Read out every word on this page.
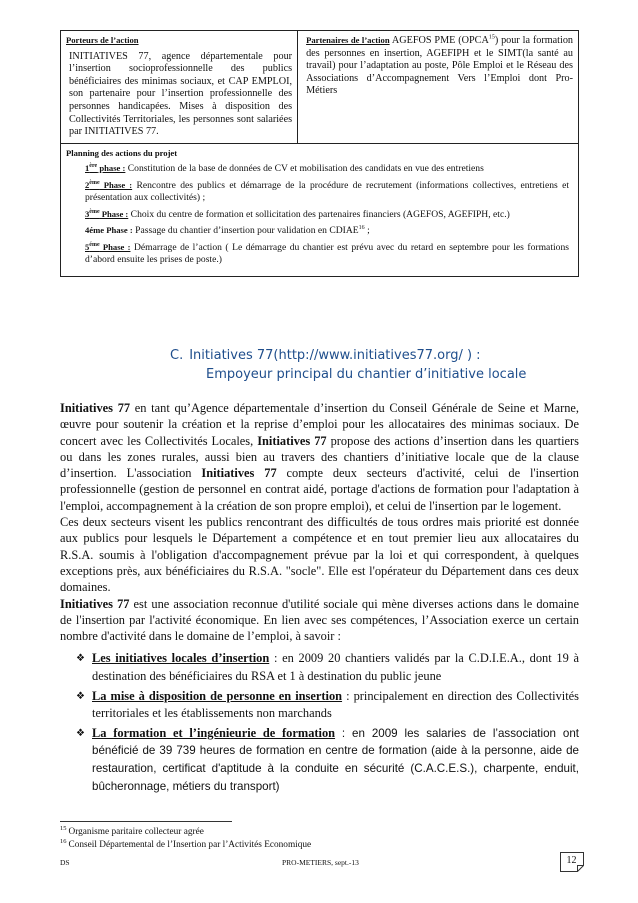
Porteurs de l’action
INITIATIVES 77, agence départementale pour l’insertion socioprofessionnelle des publics bénéficiaires des minimas sociaux, et CAP EMPLOI, son partenaire pour l’insertion professionnelle des personnes handicapées. Mises à disposition des Collectivités Territoriales, les personnes sont salariées par INITIATIVES 77.
Partenaires de l’action AGEFOS PME (OPCA$^{15}$) pour la formation des personnes en insertion, AGEFIPH et le SIMT(la santé au travail) pour l’adaptation au poste, Pôle Emploi et le Réseau des Associations d’Accompagnement Vers l’Emploi dont Pro-Métiers
Planning des actions du projet
1ère phase : Constitution de la base de données de CV et mobilisation des candidats en vue des entretiens
2ème Phase : Rencontre des publics et démarrage de la procédure de recrutement (informations collectives, entretiens et présentation aux collectivités) ;
3ème Phase : Choix du centre de formation et sollicitation des partenaires financiers (AGEFOS, AGEFIPH, etc.)
4éme Phase : Passage du chantier d’insertion pour validation en CDIAE$^{16}$ ;
$5^{éme}$ Phase : Démarrage de l’action ( Le démarrage du chantier est prévu avec du retard en septembre pour les formations d’abord ensuite les prises de poste.)
C. Initiatives 77(http://www.initiatives77.org/ ) :
Empoyeur principal du chantier d’initiative locale

Initiatives 77 en tant qu’Agence départementale d’insertion du Conseil Générale de Seine et Marne, œuvre pour soutenir la création et la reprise d’emploi pour les allocataires des minimas sociaux. De concert avec les Collectivités Locales, Initiatives 77 propose des actions d’insertion dans les quartiers ou dans les zones rurales, aussi bien au travers des chantiers d’initiative locale que de la clause d’insertion. L'association Initiatives 77 compte deux secteurs d'activité, celui de l'insertion professionnelle (gestion de personnel en contrat aidé, portage d'actions de formation pour l'adaptation à l'emploi, accompagnement à la création de son propre emploi), et celui de l'insertion par le logement.

Ces deux secteurs visent les publics rencontrant des difficultés de tous ordres mais priorité est donnée aux publics pour lesquels le Département a compétence et en tout premier lieu aux allocataires du R.S.A. soumis à l'obligation d'accompagnement prévue par la loi et qui correspondent, à quelques exceptions près, aux bénéficiaires du R.S.A. "socle". Elle est l'opérateur du Département dans ces deux domaines.

Initiatives 77 est une association reconnue d'utilité sociale qui mène diverses actions dans le domaine de l'insertion par l'activité économique. En lien avec ses compétences, l’Association exerce un certain nombre d'activité dans le domaine de l’emploi, à savoir :

❖ Les initiatives locales d’insertion : en 2009 20 chantiers validés par la C.D.I.E.A., dont 19 à destination des bénéficiaires du RSA et 1 à destination du public jeune
❖ La mise à disposition de personne en insertion : principalement en direction des Collectivités territoriales et les établissements non marchands
❖ La formation et l’ingénieurie de formation : en 2009 les salaries de l’association ont bénéficié de 39 739 heures de formation en centre de formation (aide à la personne, aide de restauration, certificat d'aptitude à la conduite en sécurité (C.A.C.E.S.), charpente, enduit, bûcheronnage, métiers du transport)
$^{15}$ Organisme paritaire collecteur agrée
$^{16}$ Conseil Départemental de l’Insertion par l’Activités Economique
DS	PRO-METIERS, sept.-13	12
